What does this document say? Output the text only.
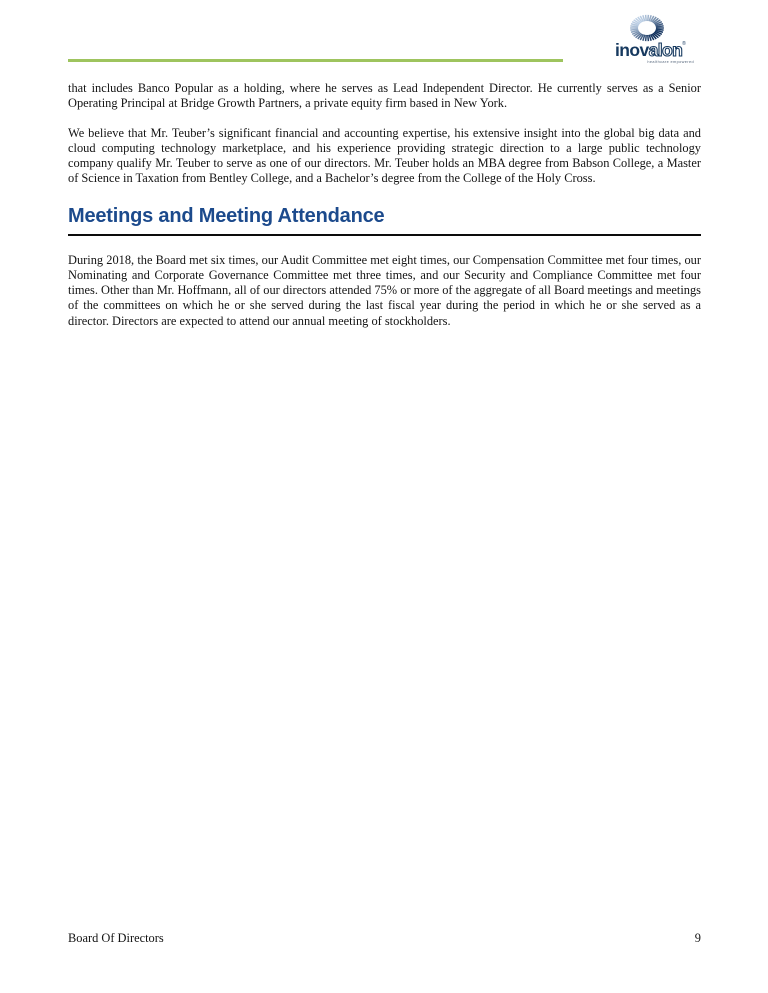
inovalon®
healthcare empowered

that includes Banco Popular as a holding, where he serves as Lead Independent Director. He currently serves as a Senior Operating Principal at Bridge Growth Partners, a private equity firm based in New York.

We believe that Mr. Teuber’s significant financial and accounting expertise, his extensive insight into the global big data and cloud computing technology marketplace, and his experience providing strategic direction to a large public technology company qualify Mr. Teuber to serve as one of our directors. Mr. Teuber holds an MBA degree from Babson College, a Master of Science in Taxation from Bentley College, and a Bachelor’s degree from the College of the Holy Cross.

Meetings and Meeting Attendance

During 2018, the Board met six times, our Audit Committee met eight times, our Compensation Committee met four times, our Nominating and Corporate Governance Committee met three times, and our Security and Compliance Committee met four times. Other than Mr. Hoffmann, all of our directors attended 75% or more of the aggregate of all Board meetings and meetings of the committees on which he or she served during the last fiscal year during the period in which he or she served as a director. Directors are expected to attend our annual meeting of stockholders.

Board Of Directors	9
